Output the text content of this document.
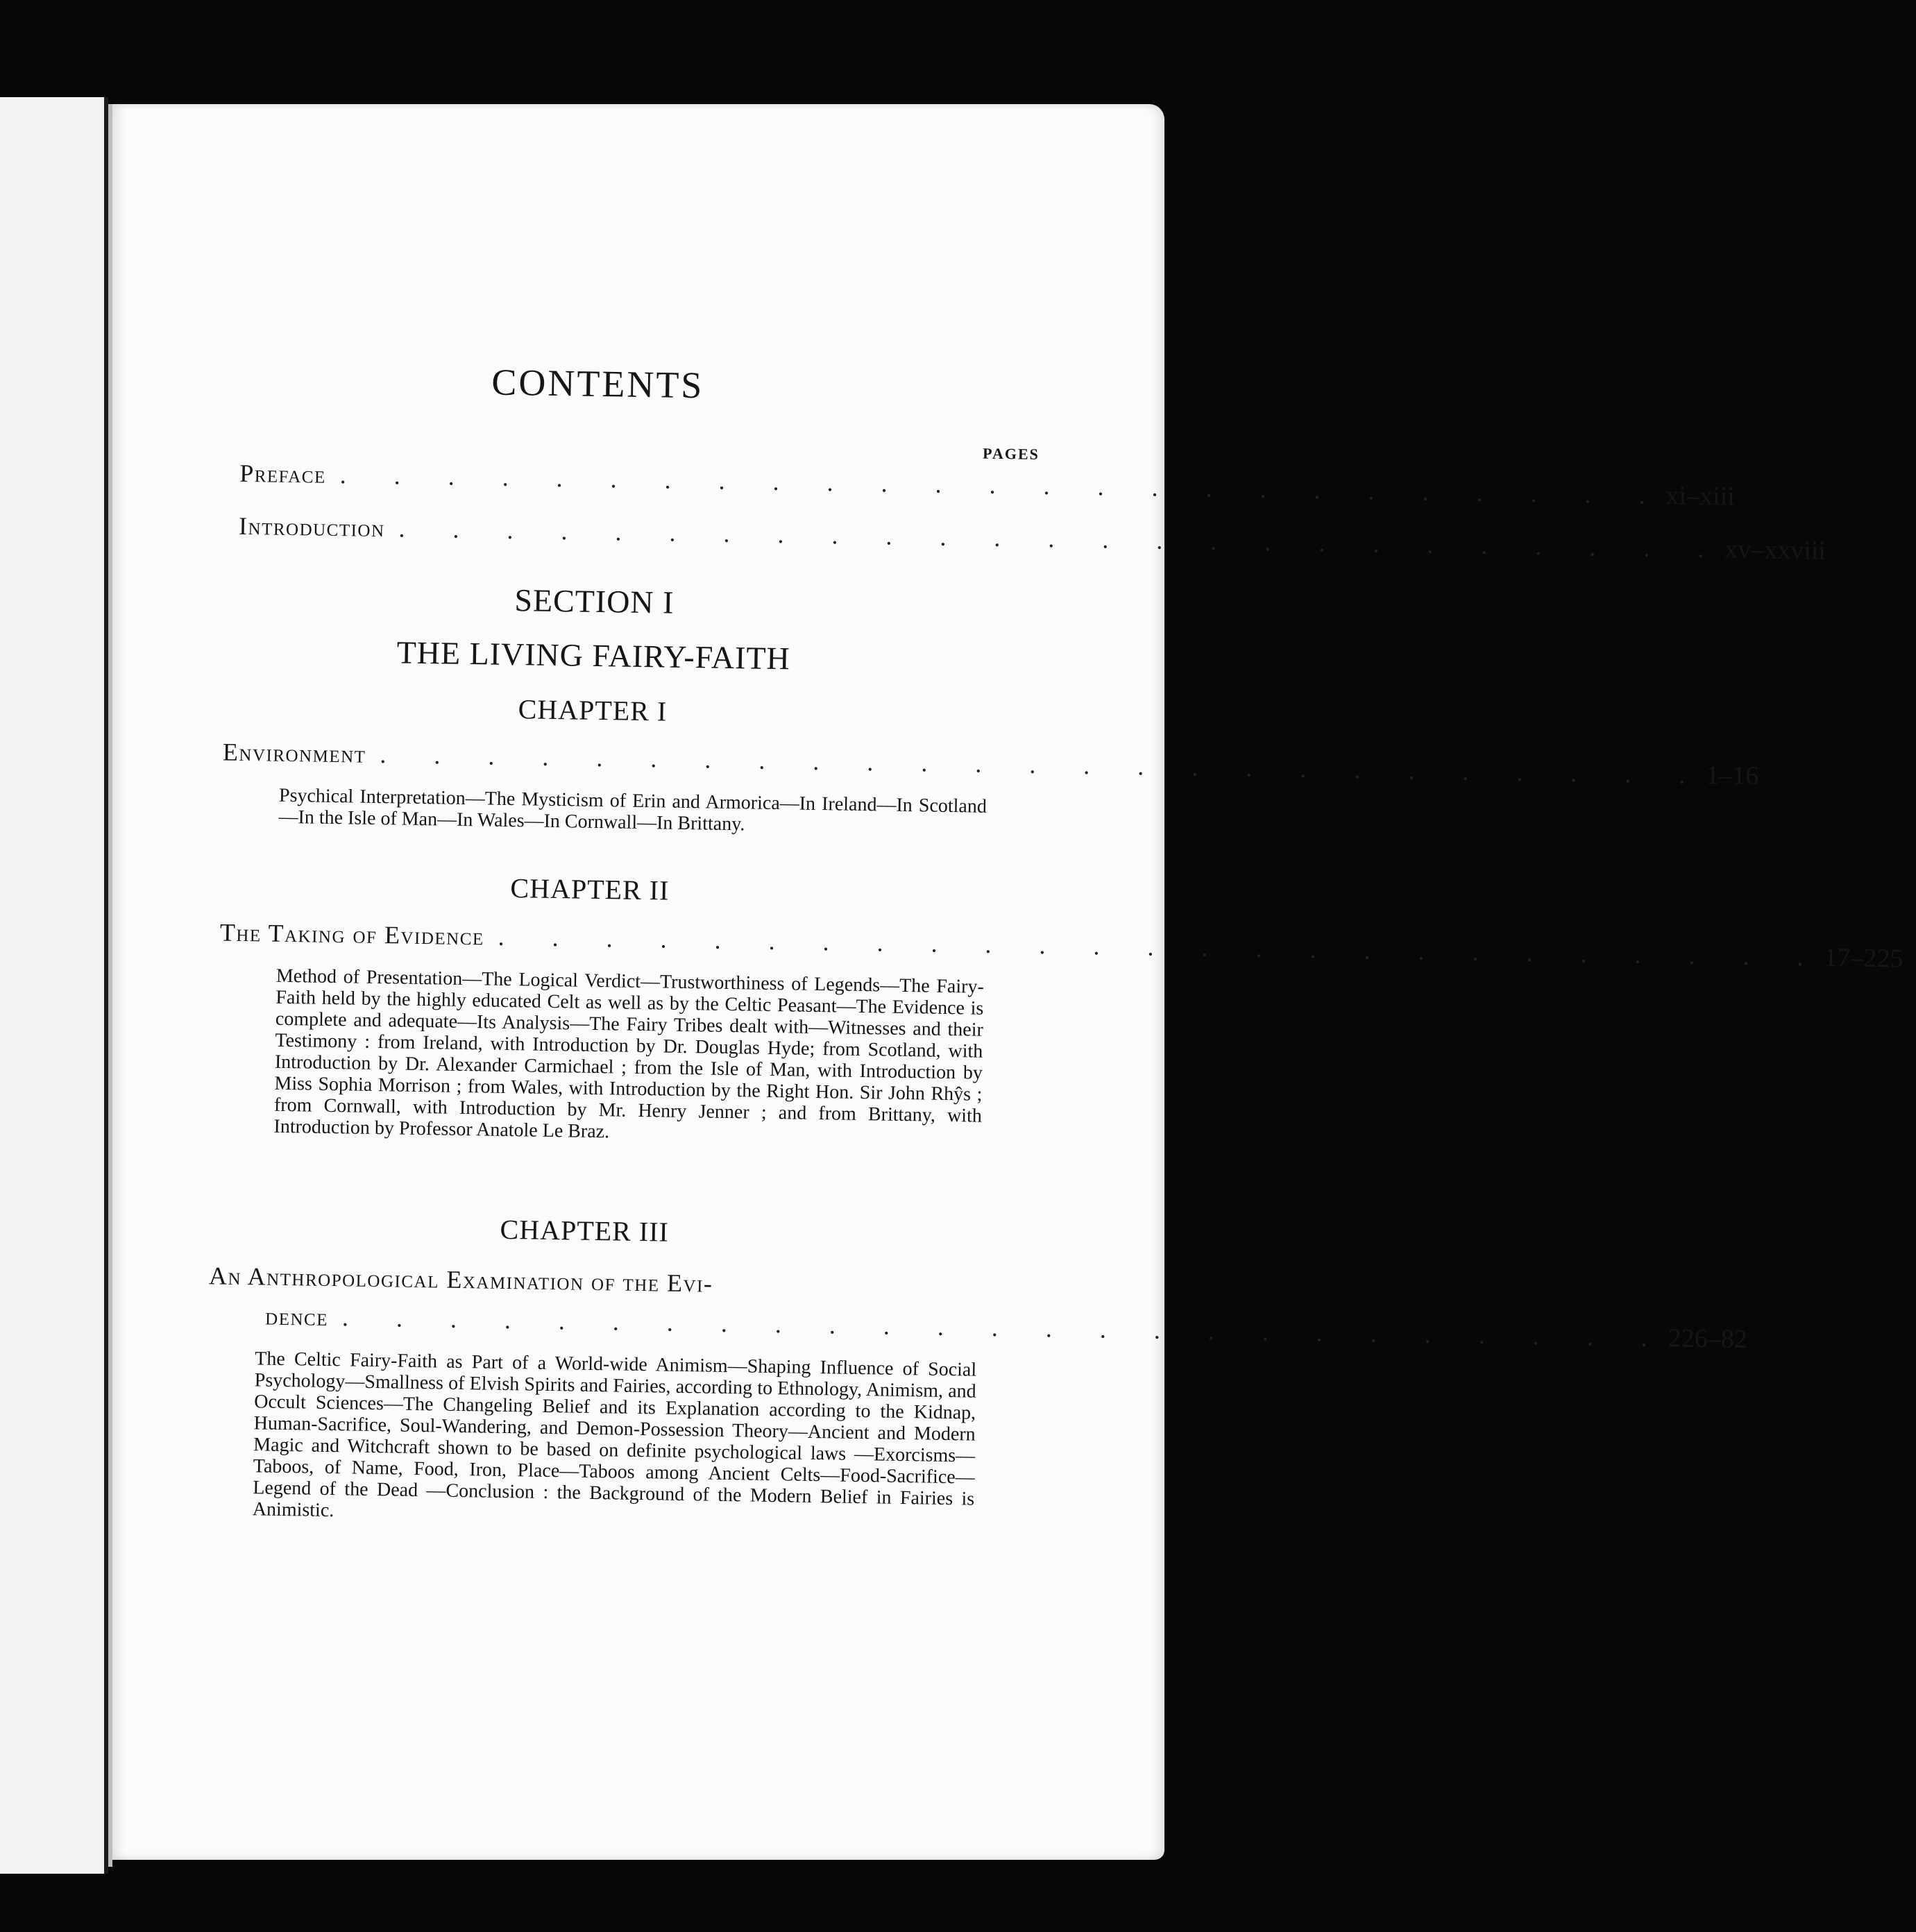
CONTENTS
PAGES
Preface . . . . . . . . . . . . . . . . . . . . . . . . . xi–xiii
Introduction . . . . . . . . . . . . . . . . . . . . . . . . . xv–xxviii
SECTION I
THE LIVING FAIRY-FAITH
CHAPTER I
Environment . . . . . . . . . . . . . . . . . . . . . . . . . 1–16
Psychical Interpretation—The Mysticism of Erin and Armorica—In Ireland—In Scotland—In the Isle of Man—In Wales—In Cornwall—In Brittany.
CHAPTER II
The Taking of Evidence . . . . . . . . . . . . . . . . . . . . . . . . . 17–225
Method of Presentation—The Logical Verdict—Trustworthiness of Legends—The Fairy-Faith held by the highly educated Celt as well as by the Celtic Peasant—The Evidence is complete and adequate—Its Analysis—The Fairy Tribes dealt with—Witnesses and their Testimony : from Ireland, with Introduction by Dr. Douglas Hyde; from Scotland, with Introduction by Dr. Alexander Carmichael ; from the Isle of Man, with Introduction by Miss Sophia Morrison ; from Wales, with Introduction by the Right Hon. Sir John Rhŷs ; from Cornwall, with Introduction by Mr. Henry Jenner ; and from Brittany, with Introduction by Professor Anatole Le Braz.
CHAPTER III
An Anthropological Examination of the Evi-
dence . . . . . . . . . . . . . . . . . . . . . . . . . 226–82
The Celtic Fairy-Faith as Part of a World-wide Animism—Shaping Influence of Social Psychology—Smallness of Elvish Spirits and Fairies, according to Ethnology, Animism, and Occult Sciences—The Changeling Belief and its Explanation according to the Kidnap, Human-Sacrifice, Soul-Wandering, and Demon-Possession Theory—Ancient and Modern Magic and Witchcraft shown to be based on definite psychological laws —Exorcisms—Taboos, of Name, Food, Iron, Place—Taboos among Ancient Celts—Food-Sacrifice—Legend of the Dead —Conclusion : the Background of the Modern Belief in Fairies is Animistic.
